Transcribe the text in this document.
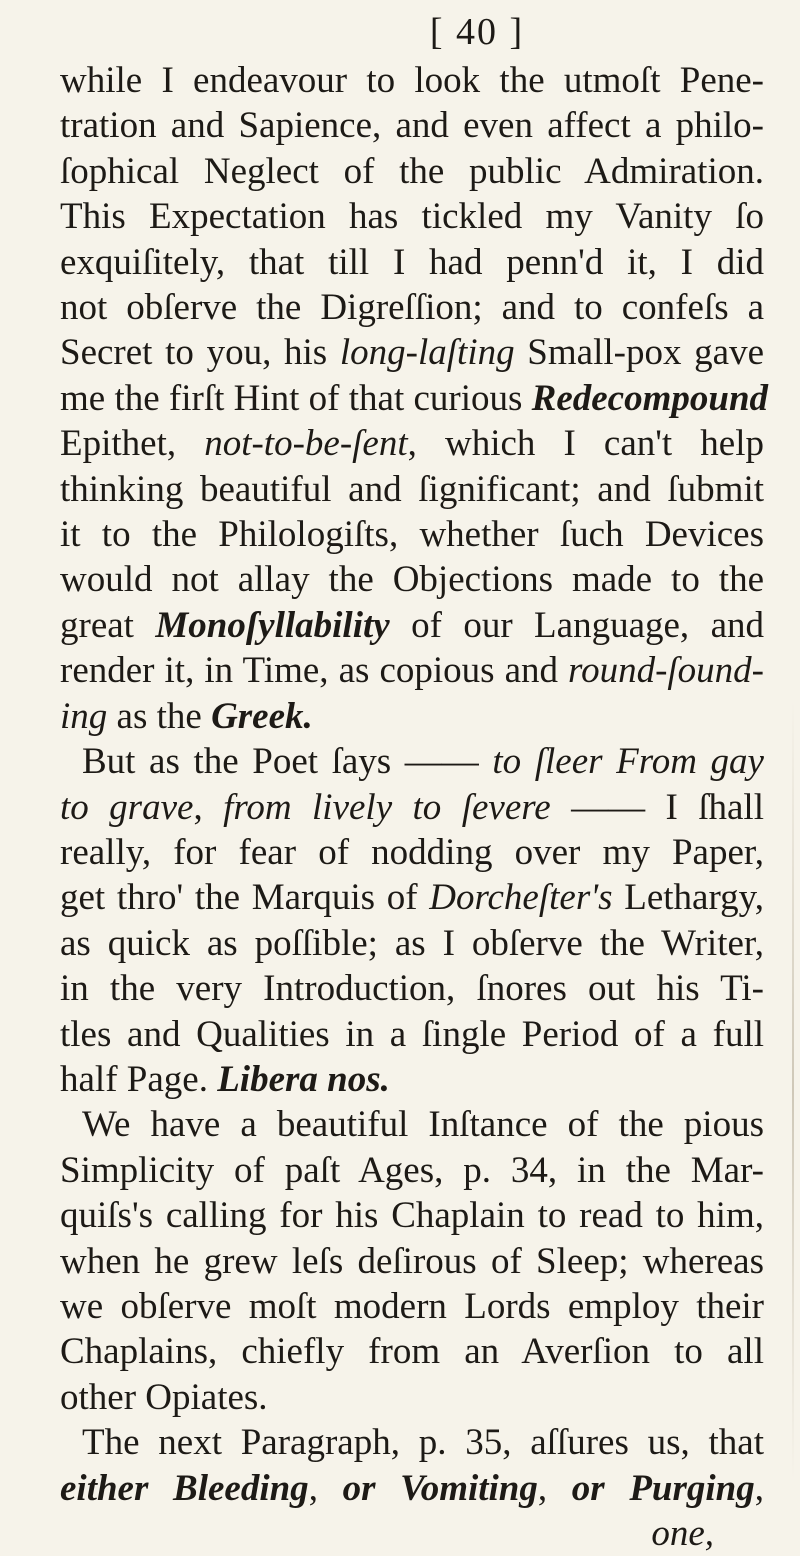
[ 40 ]
while I endeavour to look the utmoſt Pene-
tration and Sapience, and even affect a philo-
ſophical Neglect of the public Admiration.
This Expectation has tickled my Vanity ſo
exquiſitely, that till I had penn'd it, I did
not obſerve the Digreſſion; and to confeſs a
Secret to you, his long-laſting Small-pox gave
me the firſt Hint of that curious Redecompound
Epithet, not-to-be-ſent, which I can't help
thinking beautiful and ſignificant; and ſubmit
it to the Philologiſts, whether ſuch Devices
would not allay the Objections made to the
great Monoſyllability of our Language, and
render it, in Time, as copious and round-ſound-
ing as the Greek.
But as the Poet ſays —— to ſleer From gay
to grave, from lively to ſevere —— I ſhall
really, for fear of nodding over my Paper,
get thro' the Marquis of Dorcheſter's Lethargy,
as quick as poſſible; as I obſerve the Writer,
in the very Introduction, ſnores out his Ti-
tles and Qualities in a ſingle Period of a full
half Page. Libera nos.
We have a beautiful Inſtance of the pious
Simplicity of paſt Ages, p. 34, in the Mar-
quiſs's calling for his Chaplain to read to him,
when he grew leſs deſirous of Sleep; whereas
we obſerve moſt modern Lords employ their
Chaplains, chiefly from an Averſion to all
other Opiates.
The next Paragraph, p. 35, aſſures us, that
either Bleeding, or Vomiting, or Purging,
one,
